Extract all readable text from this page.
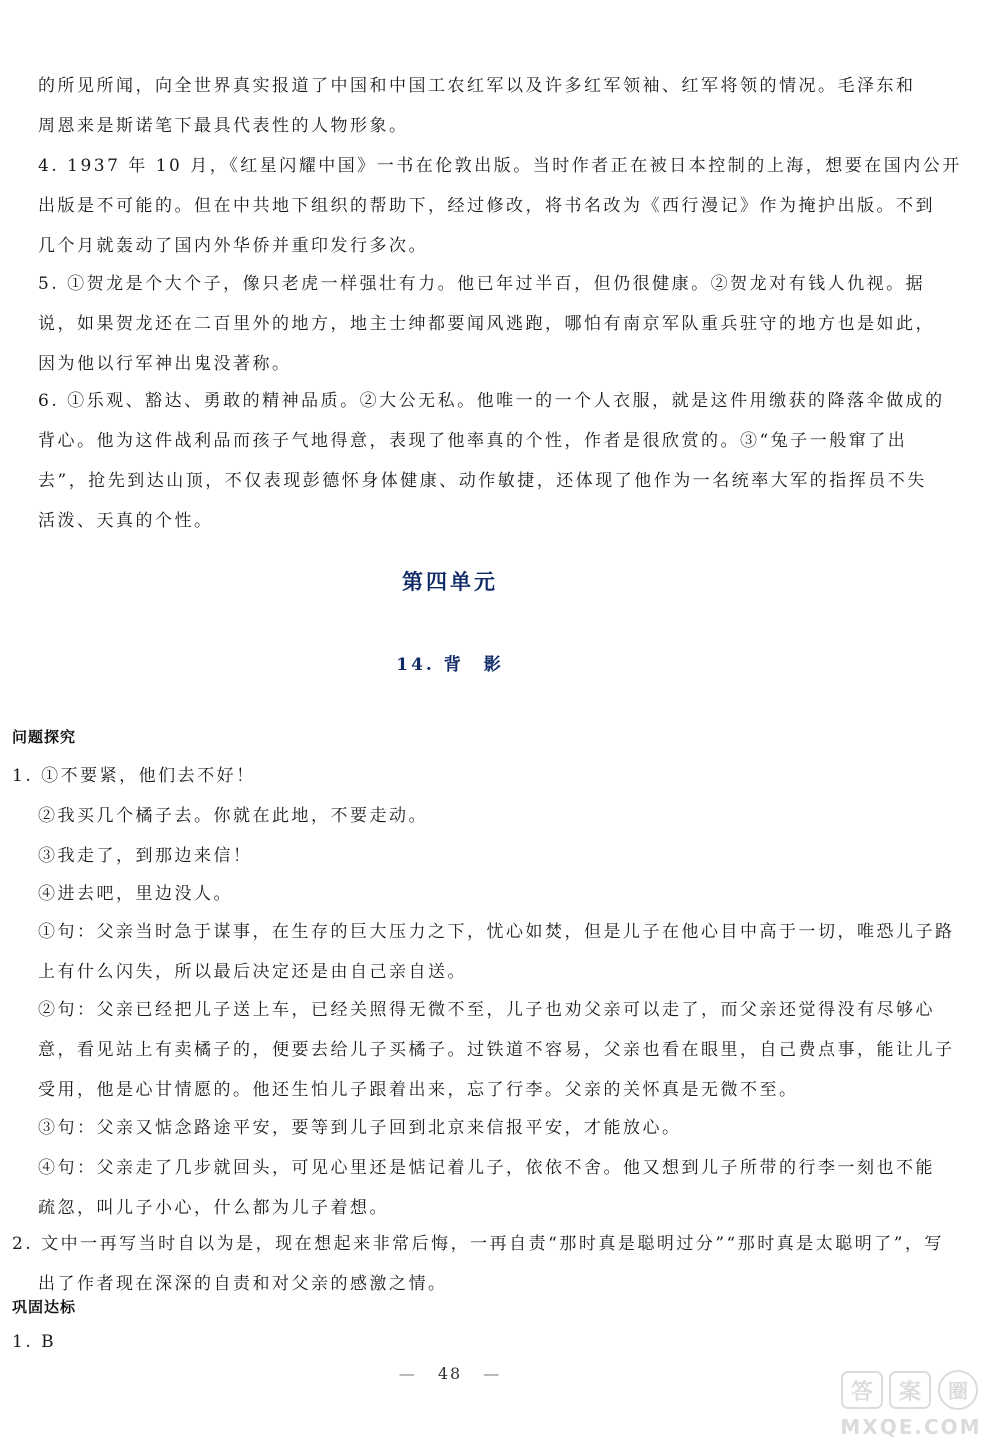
的所见所闻，向全世界真实报道了中国和中国工农红军以及许多红军领袖、红军将领的情况。毛泽东和
周恩来是斯诺笔下最具代表性的人物形象。
4. 1937 年 10 月，《红星闪耀中国》一书在伦敦出版。当时作者正在被日本控制的上海，想要在国内公开
出版是不可能的。但在中共地下组织的帮助下，经过修改，将书名改为《西行漫记》作为掩护出版。不到
几个月就轰动了国内外华侨并重印发行多次。
5. ①贺龙是个大个子，像只老虎一样强壮有力。他已年过半百，但仍很健康。②贺龙对有钱人仇视。据
说，如果贺龙还在二百里外的地方，地主士绅都要闻风逃跑，哪怕有南京军队重兵驻守的地方也是如此，
因为他以行军神出鬼没著称。
6. ①乐观、豁达、勇敢的精神品质。②大公无私。他唯一的一个人衣服，就是这件用缴获的降落伞做成的
背心。他为这件战利品而孩子气地得意，表现了他率真的个性，作者是很欣赏的。③“兔子一般窜了出
去”，抢先到达山顶，不仅表现彭德怀身体健康、动作敏捷，还体现了他作为一名统率大军的指挥员不失
活泼、天真的个性。
第四单元
14. 背　影
问题探究
1. ①不要紧，他们去不好！
②我买几个橘子去。你就在此地，不要走动。
③我走了，到那边来信！
④进去吧，里边没人。
①句：父亲当时急于谋事，在生存的巨大压力之下，忧心如焚，但是儿子在他心目中高于一切，唯恐儿子路
上有什么闪失，所以最后决定还是由自己亲自送。
②句：父亲已经把儿子送上车，已经关照得无微不至，儿子也劝父亲可以走了，而父亲还觉得没有尽够心
意，看见站上有卖橘子的，便要去给儿子买橘子。过铁道不容易，父亲也看在眼里，自己费点事，能让儿子
受用，他是心甘情愿的。他还生怕儿子跟着出来，忘了行李。父亲的关怀真是无微不至。
③句：父亲又惦念路途平安，要等到儿子回到北京来信报平安，才能放心。
④句：父亲走了几步就回头，可见心里还是惦记着儿子，依依不舍。他又想到儿子所带的行李一刻也不能
疏忽，叫儿子小心，什么都为儿子着想。
2. 文中一再写当时自以为是，现在想起来非常后悔，一再自责“那时真是聪明过分”“那时真是太聪明了”，写
出了作者现在深深的自责和对父亲的感激之情。
巩固达标
1. B
— 48 —
答 案 圈
MXQE.COM
